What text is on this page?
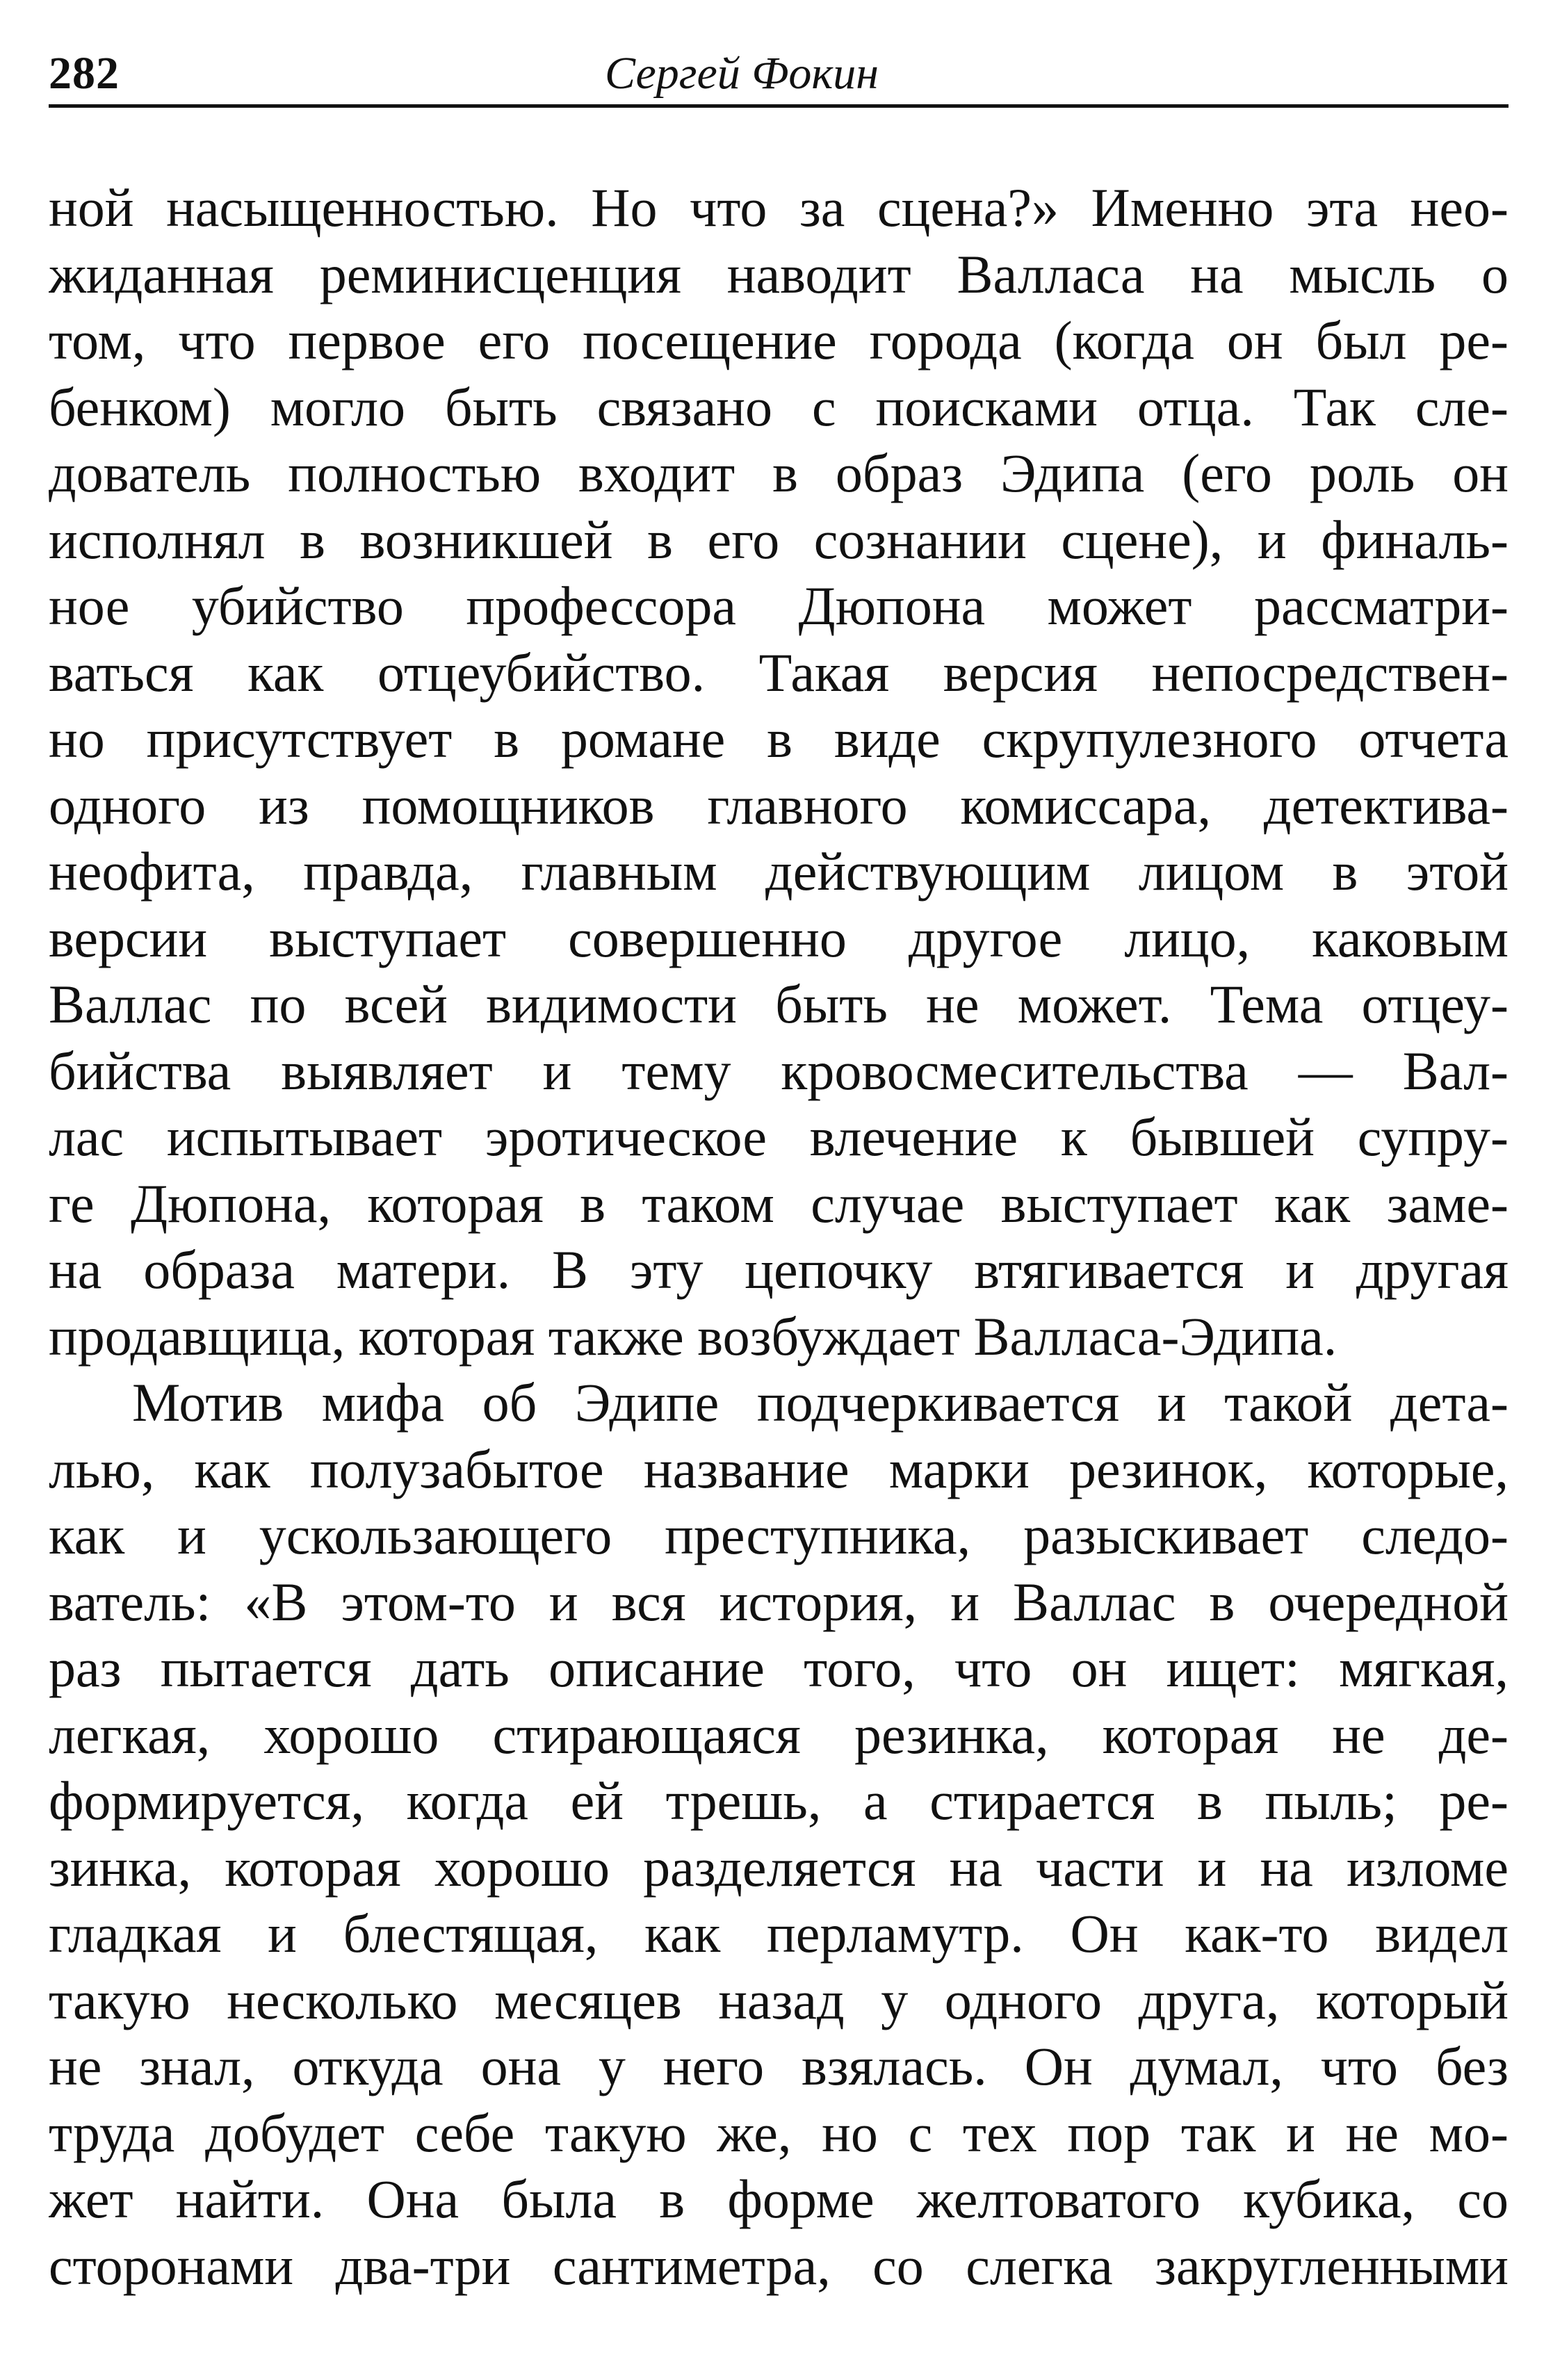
282	Сергей Фокин
ной насыщенностью. Но что за сцена?» Именно эта нео-
жиданная реминисценция наводит Валласа на мысль о
том, что первое его посещение города (когда он был ре-
бенком) могло быть связано с поисками отца. Так сле-
дователь полностью входит в образ Эдипа (его роль он
исполнял в возникшей в его сознании сцене), и финаль-
ное убийство профессора Дюпона может рассматри-
ваться как отцеубийство. Такая версия непосредствен-
но присутствует в романе в виде скрупулезного отчета
одного из помощников главного комиссара, детектива-
неофита, правда, главным действующим лицом в этой
версии выступает совершенно другое лицо, каковым
Валлас по всей видимости быть не может. Тема отцеу-
бийства выявляет и тему кровосмесительства — Вал-
лас испытывает эротическое влечение к бывшей супру-
ге Дюпона, которая в таком случае выступает как заме-
на образа матери. В эту цепочку втягивается и другая
продавщица, которая также возбуждает Валласа-Эдипа.
Мотив мифа об Эдипе подчеркивается и такой дета-
лью, как полузабытое название марки резинок, которые,
как и ускользающего преступника, разыскивает следо-
ватель: «В этом-то и вся история, и Валлас в очередной
раз пытается дать описание того, что он ищет: мягкая,
легкая, хорошо стирающаяся резинка, которая не де-
формируется, когда ей трешь, а стирается в пыль; ре-
зинка, которая хорошо разделяется на части и на изломе
гладкая и блестящая, как перламутр. Он как-то видел
такую несколько месяцев назад у одного друга, который
не знал, откуда она у него взялась. Он думал, что без
труда добудет себе такую же, но с тех пор так и не мо-
жет найти. Она была в форме желтоватого кубика, со
сторонами два-три сантиметра, со слегка закругленными
